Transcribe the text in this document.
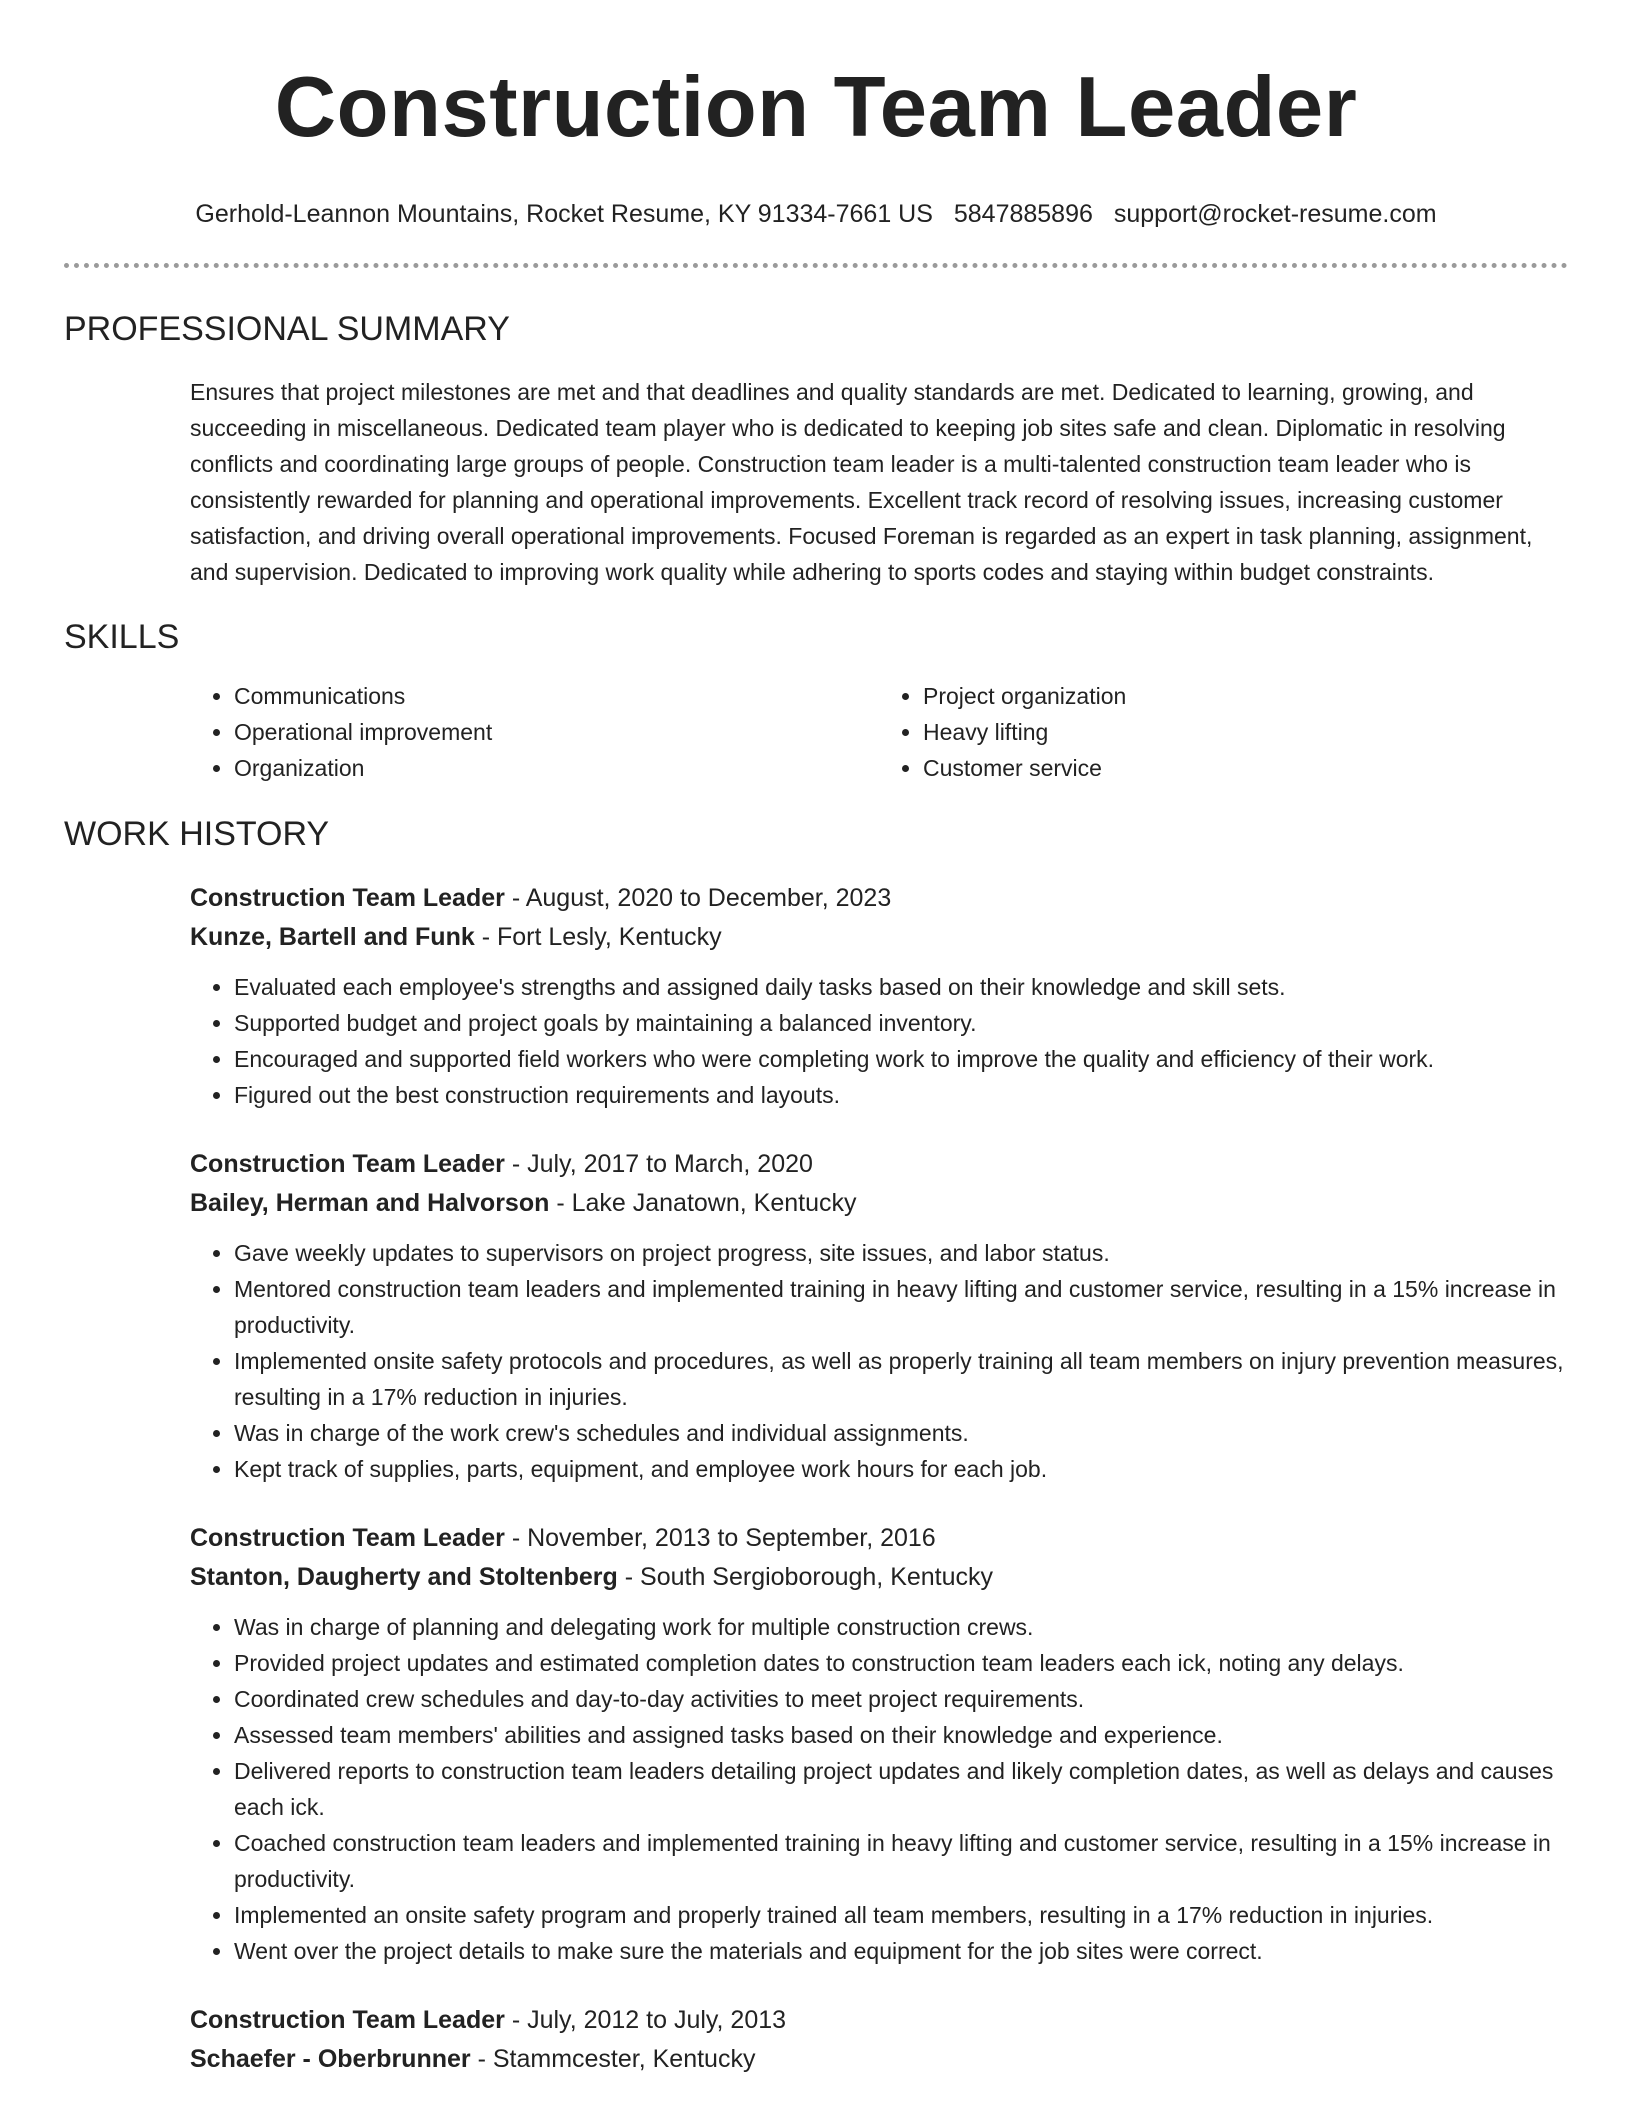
Construction Team Leader
Gerhold-Leannon Mountains, Rocket Resume, KY 91334-7661 US 5847885896 support@rocket-resume.com
PROFESSIONAL SUMMARY

Ensures that project milestones are met and that deadlines and quality standards are met. Dedicated to learning, growing, and succeeding in miscellaneous. Dedicated team player who is dedicated to keeping job sites safe and clean. Diplomatic in resolving conflicts and coordinating large groups of people. Construction team leader is a multi-talented construction team leader who is consistently rewarded for planning and operational improvements. Excellent track record of resolving issues, increasing customer satisfaction, and driving overall operational improvements. Focused Foreman is regarded as an expert in task planning, assignment, and supervision. Dedicated to improving work quality while adhering to sports codes and staying within budget constraints.

SKILLS
• Communications
• Operational improvement
• Organization
• Project organization
• Heavy lifting
• Customer service
WORK HISTORY
Construction Team Leader - August, 2020 to December, 2023
Kunze, Bartell and Funk - Fort Lesly, Kentucky
• Evaluated each employee's strengths and assigned daily tasks based on their knowledge and skill sets.
• Supported budget and project goals by maintaining a balanced inventory.
• Encouraged and supported field workers who were completing work to improve the quality and efficiency of their work.
• Figured out the best construction requirements and layouts.
Construction Team Leader - July, 2017 to March, 2020
Bailey, Herman and Halvorson - Lake Janatown, Kentucky
• Gave weekly updates to supervisors on project progress, site issues, and labor status.
• Mentored construction team leaders and implemented training in heavy lifting and customer service, resulting in a 15% increase in productivity.
• Implemented onsite safety protocols and procedures, as well as properly training all team members on injury prevention measures, resulting in a 17% reduction in injuries.
• Was in charge of the work crew's schedules and individual assignments.
• Kept track of supplies, parts, equipment, and employee work hours for each job.
Construction Team Leader - November, 2013 to September, 2016
Stanton, Daugherty and Stoltenberg - South Sergioborough, Kentucky
• Was in charge of planning and delegating work for multiple construction crews.
• Provided project updates and estimated completion dates to construction team leaders each ick, noting any delays.
• Coordinated crew schedules and day-to-day activities to meet project requirements.
• Assessed team members' abilities and assigned tasks based on their knowledge and experience.
• Delivered reports to construction team leaders detailing project updates and likely completion dates, as well as delays and causes each ick.
• Coached construction team leaders and implemented training in heavy lifting and customer service, resulting in a 15% increase in productivity.
• Implemented an onsite safety program and properly trained all team members, resulting in a 17% reduction in injuries.
• Went over the project details to make sure the materials and equipment for the job sites were correct.
Construction Team Leader - July, 2012 to July, 2013
Schaefer - Oberbrunner - Stammcester, Kentucky
